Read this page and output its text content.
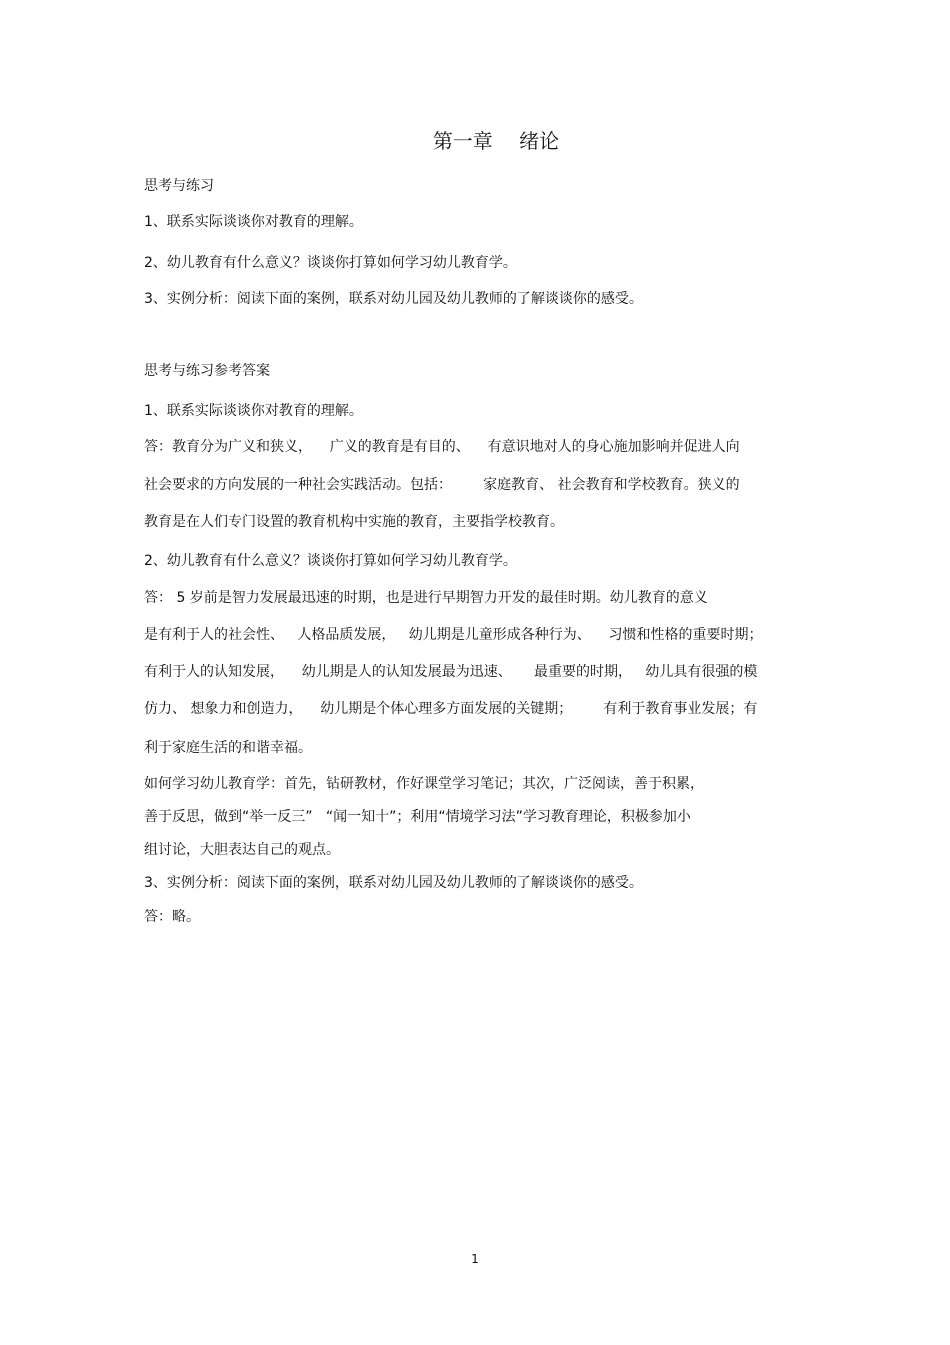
第一章　 绪论
思考与练习
1、联系实际谈谈你对教育的理解。
2、幼儿教育有什么意义？谈谈你打算如何学习幼儿教育学。
3、实例分析：阅读下面的案例，联系对幼儿园及幼儿教师的了解谈谈你的感受。
思考与练习参考答案
1、联系实际谈谈你对教育的理解。
答：教育分为广义和狭义，    广义的教育是有目的、    有意识地对人的身心施加影响并促进人向
社会要求的方向发展的一种社会实践活动。包括：       家庭教育、 社会教育和学校教育。狭义的
教育是在人们专门设置的教育机构中实施的教育，主要指学校教育。
2、幼儿教育有什么意义？谈谈你打算如何学习幼儿教育学。
答： 5 岁前是智力发展最迅速的时期，也是进行早期智力开发的最佳时期。幼儿教育的意义
是有利于人的社会性、   人格品质发展，   幼儿期是儿童形成各种行为、    习惯和性格的重要时期；
有利于人的认知发展，    幼儿期是人的认知发展最为迅速、     最重要的时期，   幼儿具有很强的模
仿力、 想象力和创造力，    幼儿期是个体心理多方面发展的关键期；       有利于教育事业发展；有
利于家庭生活的和谐幸福。
如何学习幼儿教育学：首先，钻研教材，作好课堂学习笔记；其次，广泛阅读，善于积累，
善于反思，做到“举一反三”   “闻一知十”；利用“情境学习法”学习教育理论，积极参加小
组讨论，大胆表达自己的观点。
3、实例分析：阅读下面的案例，联系对幼儿园及幼儿教师的了解谈谈你的感受。
答：略。
1
